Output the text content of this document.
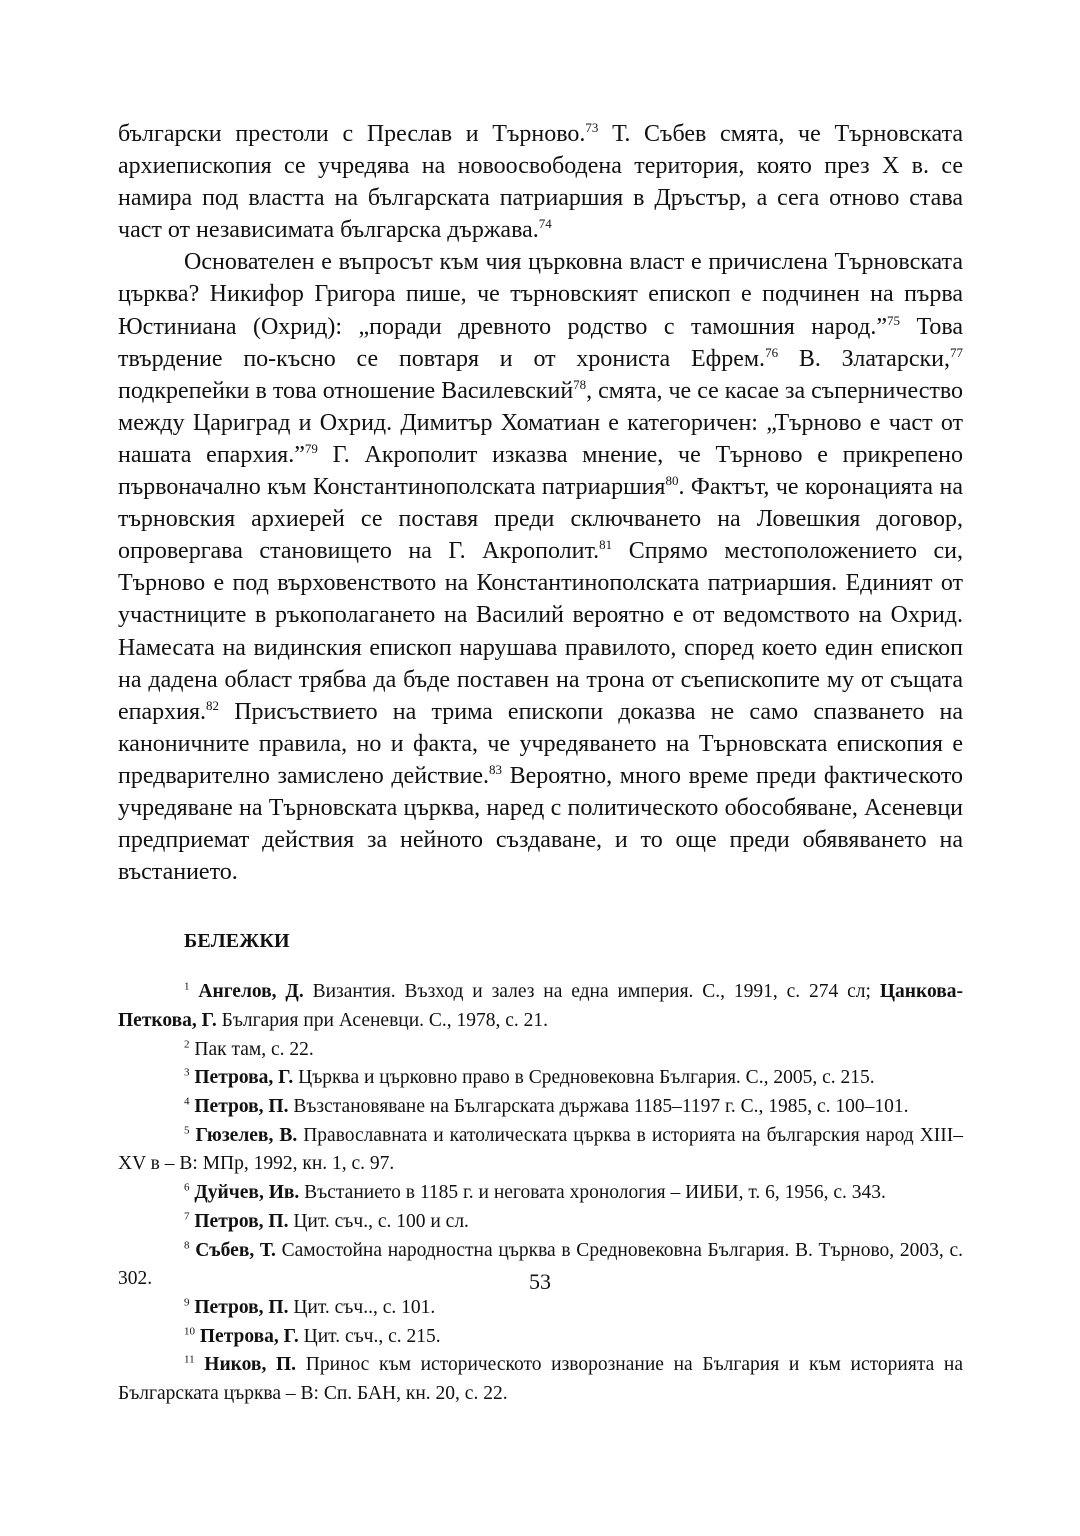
български престоли с Преслав и Търново.$^{73}$ Т. Събев смята, че Търновската архиепископия се учредява на новоосвободена територия, която през Х в. се намира под властта на българската патриаршия в Дръстър, а сега отново става част от независимата българска държава.$^{74}$

Основателен е въпросът към чия църковна власт е причислена Търновската църква? Никифор Григора пише, че търновският епископ е подчинен на първа Юстиниана (Охрид): „поради древното родство с тамошния народ.”$^{75}$ Това твърдение по-късно се повтаря и от хрониста Ефрем.$^{76}$ В. Златарски,$^{77}$ подкрепейки в това отношение Василевский$^{78}$, смята, че се касае за съперничество между Цариград и Охрид. Димитър Хоматиан е категоричен: „Търново е част от нашата епархия.”$^{79}$ Г. Акрополит изказва мнение, че Търново е прикрепено първоначално към Константинополската патриаршия$^{80}$. Фактът, че коронацията на търновския архиерей се поставя преди сключването на Ловешкия договор, опровергава становището на Г. Акрополит.$^{81}$ Спрямо местоположението си, Търново е под върховенството на Константинополската патриаршия. Единият от участниците в ръкополагането на Василий вероятно е от ведомството на Охрид. Намесата на видинския епископ нарушава правилото, според което един епископ на дадена област трябва да бъде поставен на трона от съепископите му от същата епархия.$^{82}$ Присъствието на трима епископи доказва не само спазването на каноничните правила, но и факта, че учредяването на Търновската епископия е предварително замислено действие.$^{83}$ Вероятно, много време преди фактическото учредяване на Търновската църква, наред с политическото обособяване, Асеневци предприемат действия за нейното създаване, и то още преди обявяването на въстанието.

БЕЛЕЖКИ

$^1$ Ангелов, Д. Византия. Възход и залез на една империя. С., 1991, с. 274 сл; Цанкова-Петкова, Г. България при Асеневци. С., 1978, с. 21.

$^2$ Пак там, с. 22.

$^3$ Петрова, Г. Църква и църковно право в Средновековна България. С., 2005, с. 215.

$^4$ Петров, П. Възстановяване на Българската държава 1185–1197 г. С., 1985, с. 100–101.

$^5$ Гюзелев, В. Православната и католическата църква в историята на българския народ XIII–XV в – В: МПр, 1992, кн. 1, с. 97.

$^6$ Дуйчев, Ив. Въстанието в 1185 г. и неговата хронология – ИИБИ, т. 6, 1956, с. 343.

$^7$ Петров, П. Цит. съч., с. 100 и сл.

$^8$ Събев, Т. Самостойна народностна църква в Средновековна България. В. Търново, 2003, с. 302.

$^9$ Петров, П. Цит. съч.., с. 101.

$^{10}$ Петрова, Г. Цит. съч., с. 215.

$^{11}$ Ников, П. Принос към историческото изворознание на България и към историята на Българската църква – В: Сп. БАН, кн. 20, с. 22.

53
